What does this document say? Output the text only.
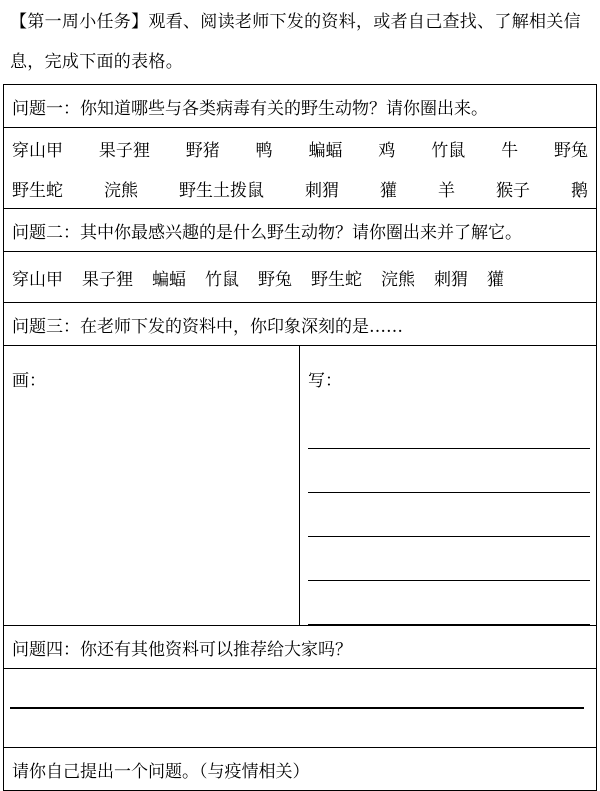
【第一周小任务】观看、阅读老师下发的资料，或者自己查找、了解相关信息，完成下面的表格。
问题一：你知道哪些与各类病毒有关的野生动物？请你圈出来。

穿山甲 果子狸 野猪 鸭 蝙蝠 鸡 竹鼠 牛 野兔
野生蛇 浣熊 野生土拨鼠 刺猬 獾 羊 猴子 鹅

问题二：其中你最感兴趣的是什么野生动物？请你圈出来并了解它。

穿山甲 果子狸 蝙蝠 竹鼠 野兔 野生蛇 浣熊 刺猬 獾

问题三：在老师下发的资料中，你印象深刻的是……

画：	写：

问题四：你还有其他资料可以推荐给大家吗？

请你自己提出一个问题。（与疫情相关）
